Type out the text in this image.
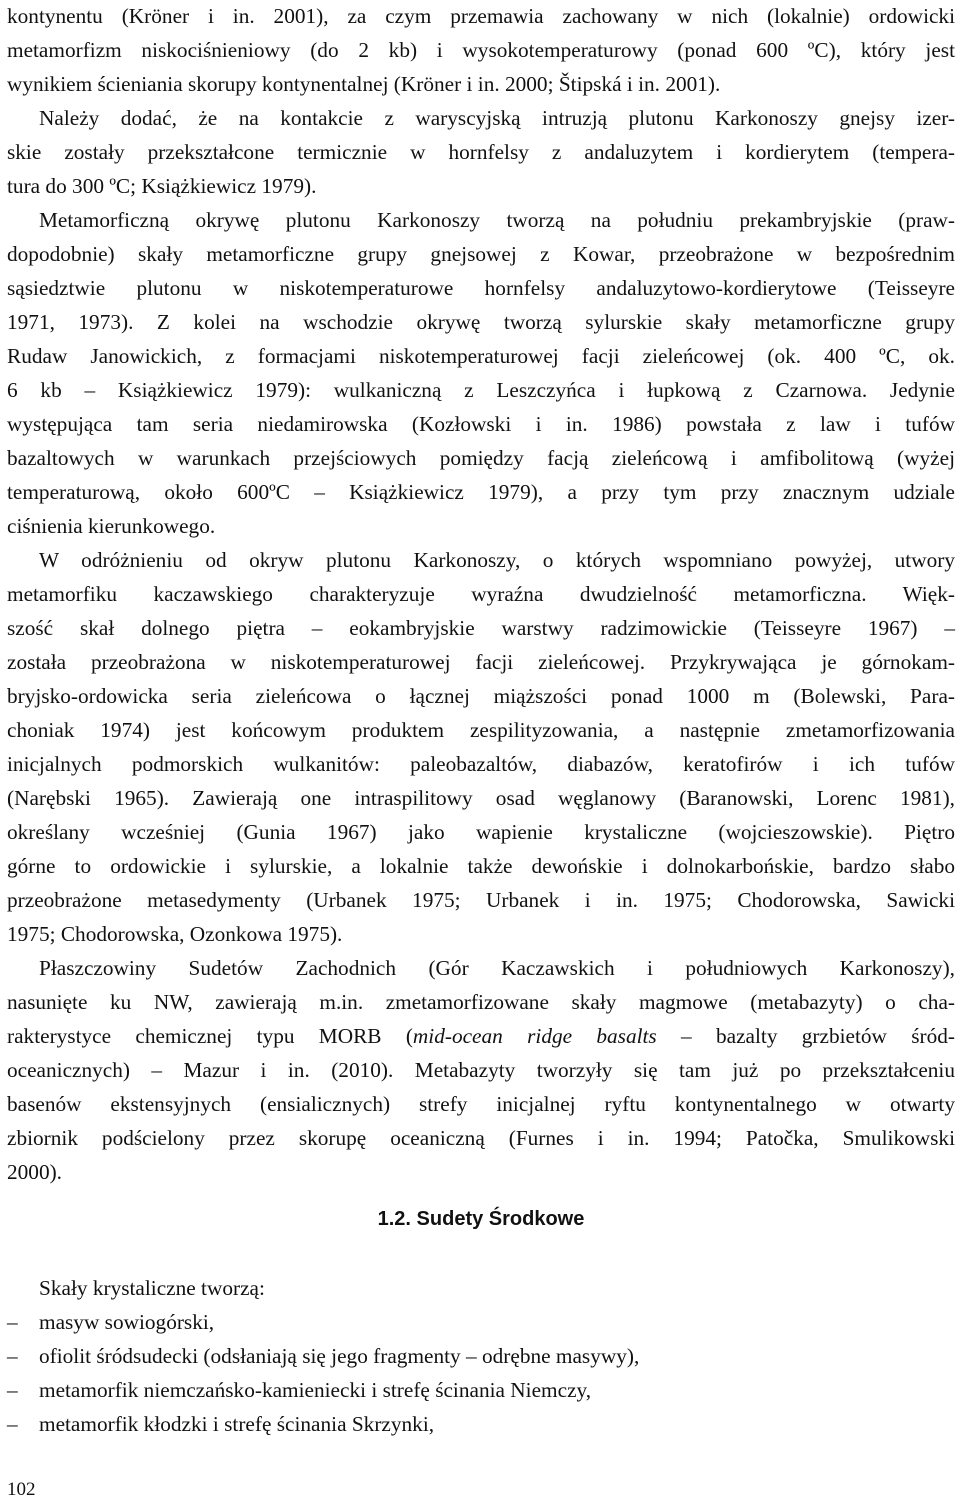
kontynentu (Kröner i in. 2001), za czym przemawia zachowany w nich (lokalnie) ordowicki
metamorfizm niskociśnieniowy (do 2 kb) i wysokotemperaturowy (ponad 600 ºC), który jest
wynikiem ścieniania skorupy kontynentalnej (Kröner i in. 2000; Štipská i in. 2001).
Należy dodać, że na kontakcie z waryscyjską intruzją plutonu Karkonoszy gnejsy izer-
skie zostały przekształcone termicznie w hornfelsy z andaluzytem i kordierytem (tempera-
tura do 300 ºC; Książkiewicz 1979).
Metamorficzną okrywę plutonu Karkonoszy tworzą na południu prekambryjskie (praw-
dopodobnie) skały metamorficzne grupy gnejsowej z Kowar, przeobrażone w bezpośrednim
sąsiedztwie plutonu w niskotemperaturowe hornfelsy andaluzytowo-kordierytowe (Teisseyre
1971, 1973). Z kolei na wschodzie okrywę tworzą sylurskie skały metamorficzne grupy
Rudaw Janowickich, z formacjami niskotemperaturowej facji zieleńcowej (ok. 400 ºC, ok.
6 kb – Książkiewicz 1979): wulkaniczną z Leszczyńca i łupkową z Czarnowa. Jedynie
występująca tam seria niedamirowska (Kozłowski i in. 1986) powstała z law i tufów
bazaltowych w warunkach przejściowych pomiędzy facją zieleńcową i amfibolitową (wyżej
temperaturową, około 600ºC – Książkiewicz 1979), a przy tym przy znacznym udziale
ciśnienia kierunkowego.
W odróżnieniu od okryw plutonu Karkonoszy, o których wspomniano powyżej, utwory
metamorfiku kaczawskiego charakteryzuje wyraźna dwudzielność metamorficzna. Więk-
szość skał dolnego piętra – eokambryjskie warstwy radzimowickie (Teisseyre 1967) –
została przeobrażona w niskotemperaturowej facji zieleńcowej. Przykrywająca je górnokam-
bryjsko-ordowicka seria zieleńcowa o łącznej miąższości ponad 1000 m (Bolewski, Para-
choniak 1974) jest końcowym produktem zespilityzowania, a następnie zmetamorfizowania
inicjalnych podmorskich wulkanitów: paleobazaltów, diabazów, keratofirów i ich tufów
(Narębski 1965). Zawierają one intraspilitowy osad węglanowy (Baranowski, Lorenc 1981),
określany wcześniej (Gunia 1967) jako wapienie krystaliczne (wojcieszowskie). Piętro
górne to ordowickie i sylurskie, a lokalnie także dewońskie i dolnokarbońskie, bardzo słabo
przeobrażone metasedymenty (Urbanek 1975; Urbanek i in. 1975; Chodorowska, Sawicki
1975; Chodorowska, Ozonkowa 1975).
Płaszczowiny Sudetów Zachodnich (Gór Kaczawskich i południowych Karkonoszy),
nasunięte ku NW, zawierają m.in. zmetamorfizowane skały magmowe (metabazyty) o cha-
rakterystyce chemicznej typu MORB (mid-ocean ridge basalts – bazalty grzbietów śród-
oceanicznych) – Mazur i in. (2010). Metabazyty tworzyły się tam już po przekształceniu
basenów ekstensyjnych (ensialicznych) strefy inicjalnej ryftu kontynentalnego w otwarty
zbiornik podścielony przez skorupę oceaniczną (Furnes i in. 1994; Patočka, Smulikowski
2000).
1.2. Sudety Środkowe
Skały krystaliczne tworzą:
– masyw sowiogórski,
– ofiolit śródsudecki (odsłaniają się jego fragmenty – odrębne masywy),
– metamorfik niemczańsko-kamieniecki i strefę ścinania Niemczy,
– metamorfik kłodzki i strefę ścinania Skrzynki,
102
